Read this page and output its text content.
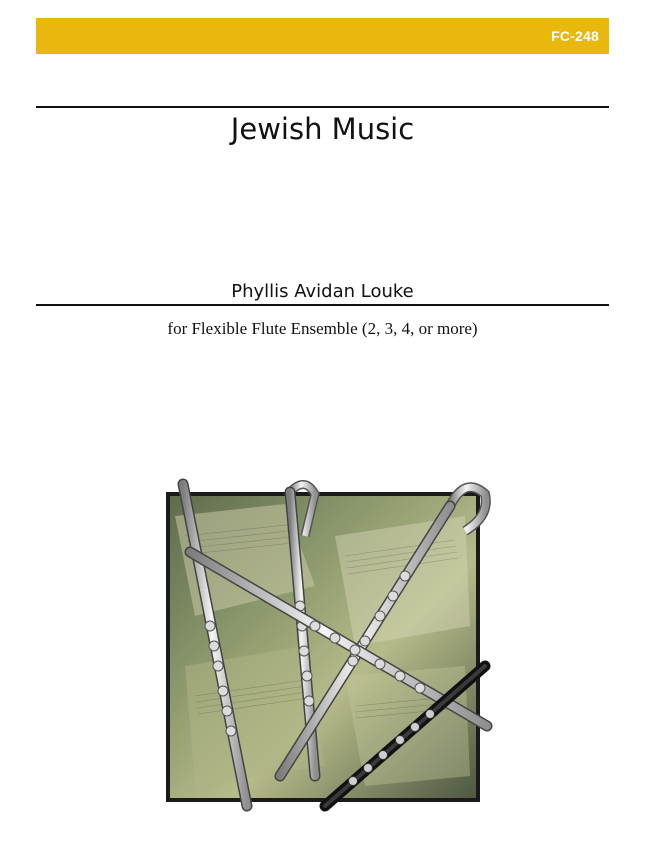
FC-248
Jewish Music
Phyllis Avidan Louke
for Flexible Flute Ensemble (2, 3, 4, or more)
